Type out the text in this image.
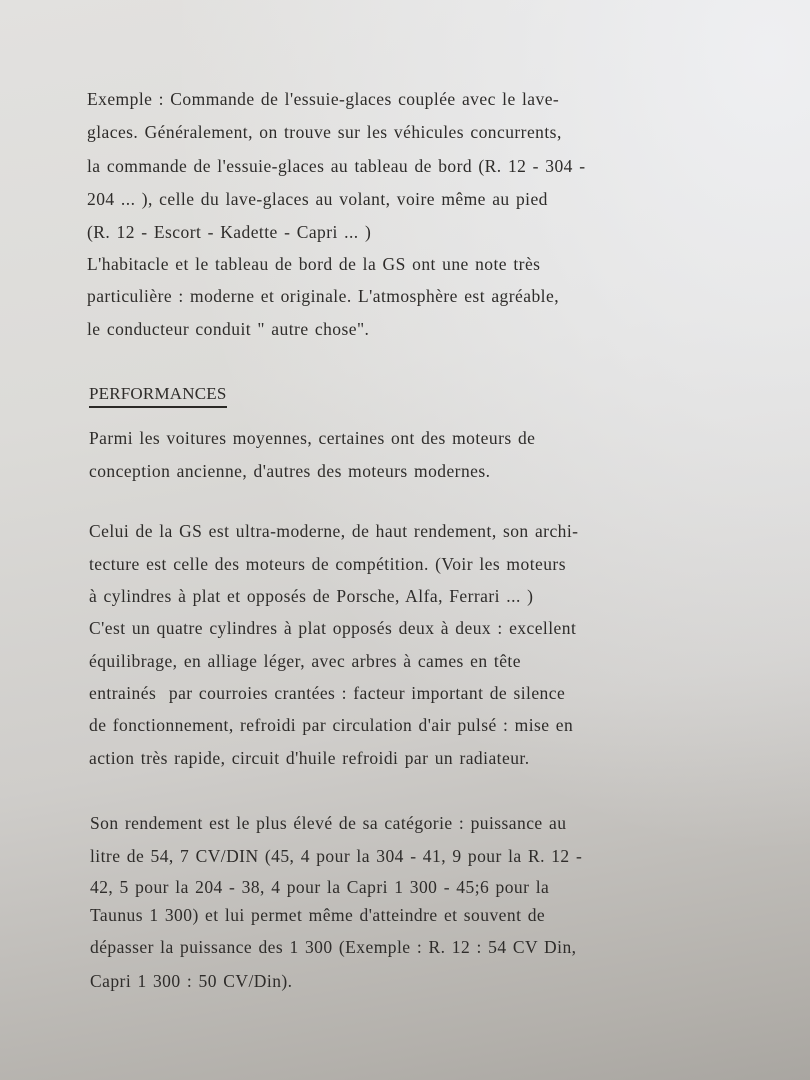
Exemple : Commande de l'essuie-glaces couplée avec le lave-
glaces. Généralement, on trouve sur les véhicules concurrents,
la commande de l'essuie-glaces au tableau de bord (R. 12 - 304 -
204 ... ), celle du lave-glaces au volant, voire même au pied
(R. 12 - Escort - Kadette - Capri ... )
L'habitacle et le tableau de bord de la GS ont une note très
particulière : moderne et originale. L'atmosphère est agréable,
le conducteur conduit " autre chose".
PERFORMANCES
Parmi les voitures moyennes, certaines ont des moteurs de
conception ancienne, d'autres des moteurs modernes.
Celui de la GS est ultra-moderne, de haut rendement, son archi-
tecture est celle des moteurs de compétition. (Voir les moteurs
à cylindres à plat et opposés de Porsche, Alfa, Ferrari ... )
C'est un quatre cylindres à plat opposés deux à deux : excellent
équilibrage, en alliage léger, avec arbres à cames en tête
entrainés  par courroies crantées : facteur important de silence
de fonctionnement, refroidi par circulation d'air pulsé : mise en
action très rapide, circuit d'huile refroidi par un radiateur.
Son rendement est le plus élevé de sa catégorie : puissance au
litre de 54, 7 CV/DIN (45, 4 pour la 304 - 41, 9 pour la R. 12 -
42, 5 pour la 204 - 38, 4 pour la Capri 1 300 - 45;6 pour la
Taunus 1 300) et lui permet même d'atteindre et souvent de
dépasser la puissance des 1 300 (Exemple : R. 12 : 54 CV Din,
Capri 1 300 : 50 CV/Din).
